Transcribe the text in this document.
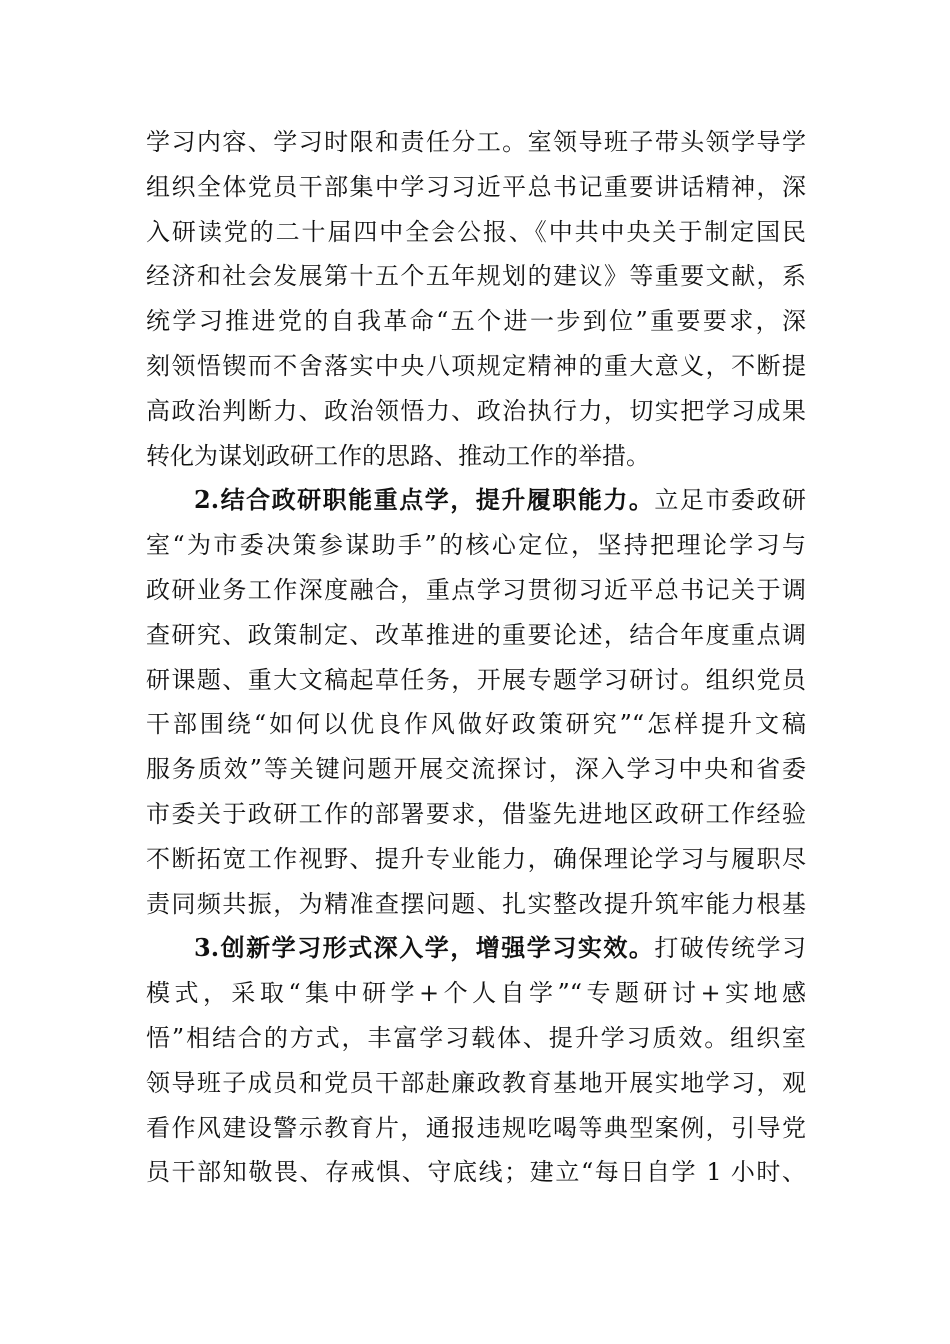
学习内容、学习时限和责任分工。室领导班子带头领学导学
组织全体党员干部集中学习习近平总书记重要讲话精神，深
入研读党的二十届四中全会公报、《中共中央关于制定国民
经济和社会发展第十五个五年规划的建议》等重要文献，系
统学习推进党的自我革命“五个进一步到位”重要要求，深
刻领悟锲而不舍落实中央八项规定精神的重大意义，不断提
高政治判断力、政治领悟力、政治执行力，切实把学习成果
转化为谋划政研工作的思路、推动工作的举措。
2.结合政研职能重点学，提升履职能力。立足市委政研
室“为市委决策参谋助手”的核心定位，坚持把理论学习与
政研业务工作深度融合，重点学习贯彻习近平总书记关于调
查研究、政策制定、改革推进的重要论述，结合年度重点调
研课题、重大文稿起草任务，开展专题学习研讨。组织党员
干部围绕“如何以优良作风做好政策研究”“怎样提升文稿
服务质效”等关键问题开展交流探讨，深入学习中央和省委
市委关于政研工作的部署要求，借鉴先进地区政研工作经验
不断拓宽工作视野、提升专业能力，确保理论学习与履职尽
责同频共振，为精准查摆问题、扎实整改提升筑牢能力根基
3.创新学习形式深入学，增强学习实效。打破传统学习
模式，采取“集中研学+个人自学”“专题研讨+实地感
悟”相结合的方式，丰富学习载体、提升学习质效。组织室
领导班子成员和党员干部赴廉政教育基地开展实地学习，观
看作风建设警示教育片，通报违规吃喝等典型案例，引导党
员干部知敬畏、存戒惧、守底线；建立“每日自学 1 小时、
